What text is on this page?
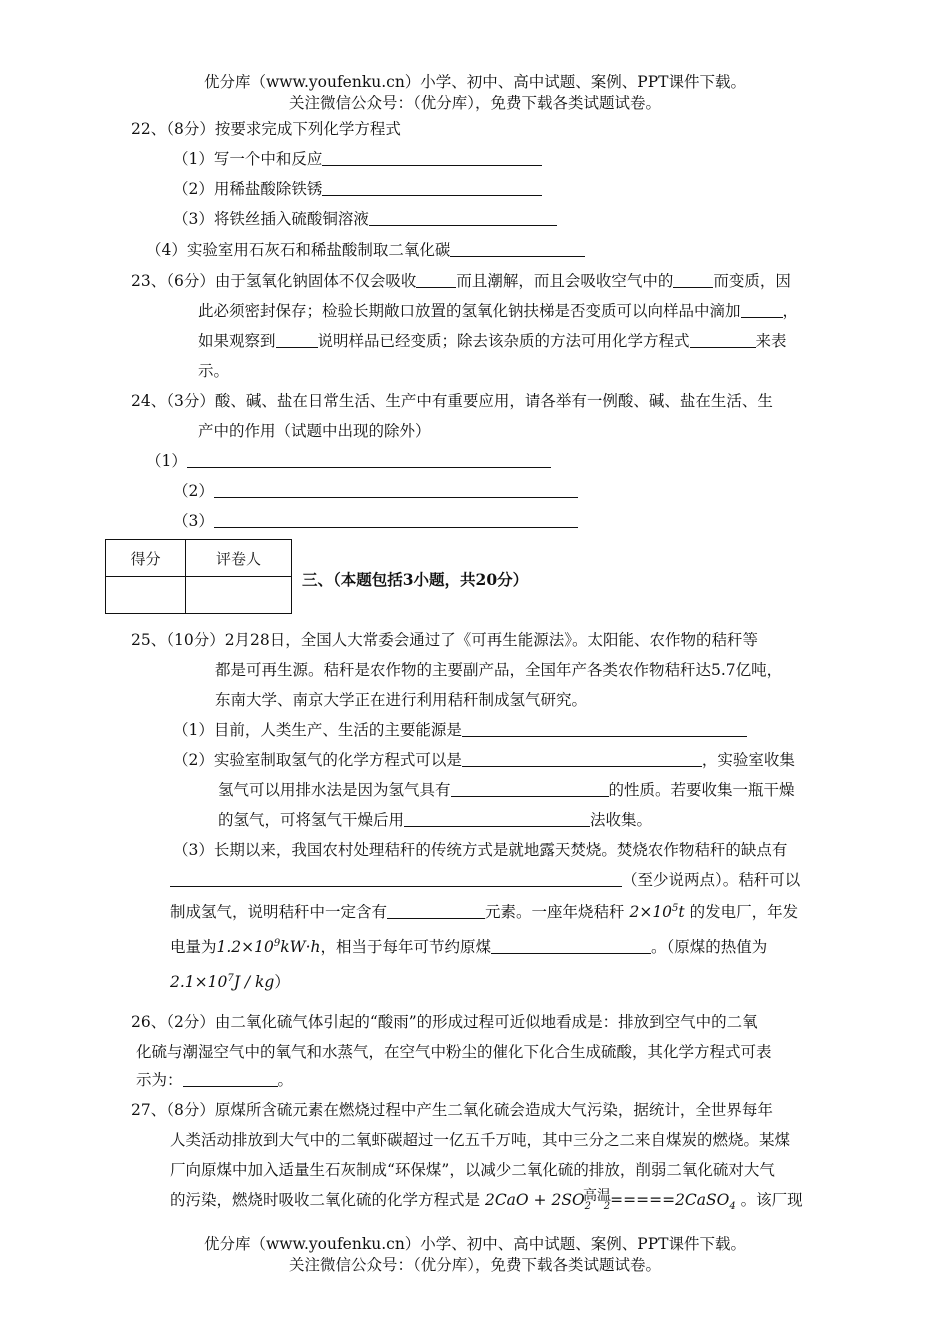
优分库（www.youfenku.cn）小学、初中、高中试题、案例、PPT课件下载。
关注微信公众号：（优分库），免费下载各类试题试卷。
22、（8分）按要求完成下列化学方程式
（1）写一个中和反应
（2）用稀盐酸除铁锈
（3）将铁丝插入硫酸铜溶液
（4）实验室用石灰石和稀盐酸制取二氧化碳
23、（6分）由于氢氧化钠固体不仅会吸收	而且潮解，而且会吸收空气中的	而变质，因
此必须密封保存；检验长期敞口放置的氢氧化钠扶梯是否变质可以向样品中滴加	，
如果观察到	说明样品已经变质；除去该杂质的方法可用化学方程式	来表
示。
24、（3分）酸、碱、盐在日常生活、生产中有重要应用，请各举有一例酸、碱、盐在生活、生
产中的作用（试题中出现的除外）
（1）
（2）
（3）
得分	评卷人

三、（本题包括3小题，共20分）
25、（10分）2月28日，全国人大常委会通过了《可再生能源法》。太阳能、农作物的秸秆等
都是可再生源。秸秆是农作物的主要副产品，全国年产各类农作物秸秆达5.7亿吨，
东南大学、南京大学正在进行利用秸秆制成氢气研究。
（1）目前，人类生产、生活的主要能源是
（2）实验室制取氢气的化学方程式可以是	，实验室收集
氢气可以用排水法是因为氢气具有	的性质。若要收集一瓶干燥
的氢气，可将氢气干燥后用	法收集。
（3）长期以来，我国农村处理秸秆的传统方式是就地露天焚烧。焚烧农作物秸秆的缺点有
（至少说两点）。秸秆可以
制成氢气，说明秸秆中一定含有	元素。一座年烧秸秆 $2\times 10^5t$ 的发电厂，年发
电量为$1.2\times 10^9kW\cdot h$，相当于每年可节约原煤	。（原煤的热值为
$2.1\times 10^7J / kg$）
26、（2分）由二氧化硫气体引起的“酸雨”的形成过程可近似地看成是：排放到空气中的二氧
化硫与潮湿空气中的氧气和水蒸气，在空气中粉尘的催化下化合生成硫酸，其化学方程式可表
示为：	。
27、（8分）原煤所含硫元素在燃烧过程中产生二氧化硫会造成大气污染，据统计，全世界每年
人类活动排放到大气中的二氧虾碳超过一亿五千万吨，其中三分之二来自煤炭的燃烧。某煤
厂向原煤中加入适量生石灰制成“环保煤”，以减少二氧化硫的排放，削弱二氧化硫对大气
的污染，燃烧时吸收二氧化硫的化学方程式是 $2CaO + 2SO_2$
高温
$_2$=====2CaSO$_4$ 。该厂现
优分库（www.youfenku.cn）小学、初中、高中试题、案例、PPT课件下载。
关注微信公众号：（优分库），免费下载各类试题试卷。
